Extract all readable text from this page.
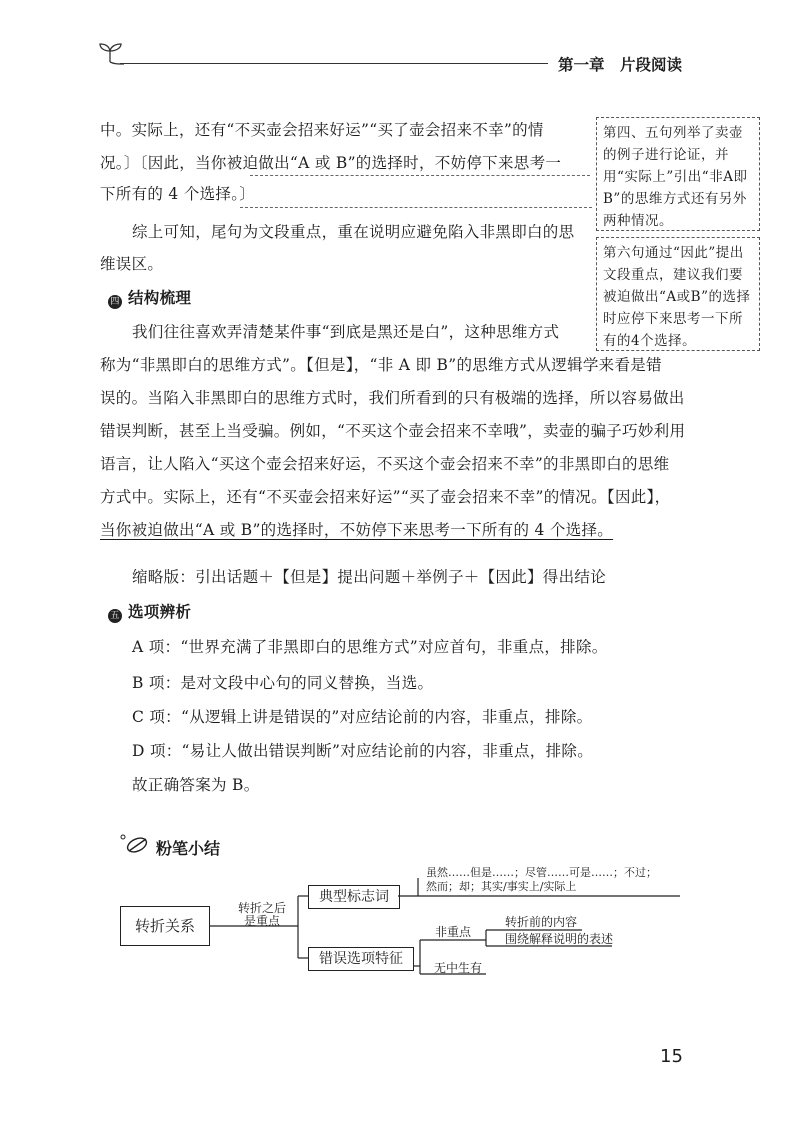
第一章　片段阅读
中。实际上，还有“不买壶会招来好运”“买了壶会招来不幸”的情
况。〕〔因此，当你被迫做出“A 或 B”的选择时，不妨停下来思考一
下所有的 4 个选择。〕
综上可知，尾句为文段重点，重在说明应避免陷入非黑即白的思
维误区。
第四、五句列举了卖壶的例子进行论证，并用“实际上”引出“非A即B”的思维方式还有另外两种情况。
第六句通过“因此”提出文段重点，建议我们要被迫做出“A或B”的选择时应停下来思考一下所有的4个选择。
四 结构梳理
我们往往喜欢弄清楚某件事“到底是黑还是白”，这种思维方式
称为“非黑即白的思维方式”。【但是】，“非 A 即 B”的思维方式从逻辑学来看是错
误的。当陷入非黑即白的思维方式时，我们所看到的只有极端的选择，所以容易做出
错误判断，甚至上当受骗。例如，“不买这个壶会招来不幸哦”，卖壶的骗子巧妙利用
语言，让人陷入“买这个壶会招来好运，不买这个壶会招来不幸”的非黑即白的思维
方式中。实际上，还有“不买壶会招来好运”“买了壶会招来不幸”的情况。【因此】，
当你被迫做出“A 或 B”的选择时，不妨停下来思考一下所有的 4 个选择。
缩略版：引出话题＋【但是】提出问题＋举例子＋【因此】得出结论
五 选项辨析
A 项：“世界充满了非黑即白的思维方式”对应首句，非重点，排除。
B 项：是对文段中心句的同义替换，当选。
C 项：“从逻辑上讲是错误的”对应结论前的内容，非重点，排除。
D 项：“易让人做出错误判断”对应结论前的内容，非重点，排除。
故正确答案为 B。
粉笔小结
转折关系
转折之后
是重点
典型标志词
错误选项特征
虽然……但是……；尽管……可是……；不过；
然而；却；其实/事实上/实际上
非重点
转折前的内容
围绕解释说明的表述
无中生有
15
